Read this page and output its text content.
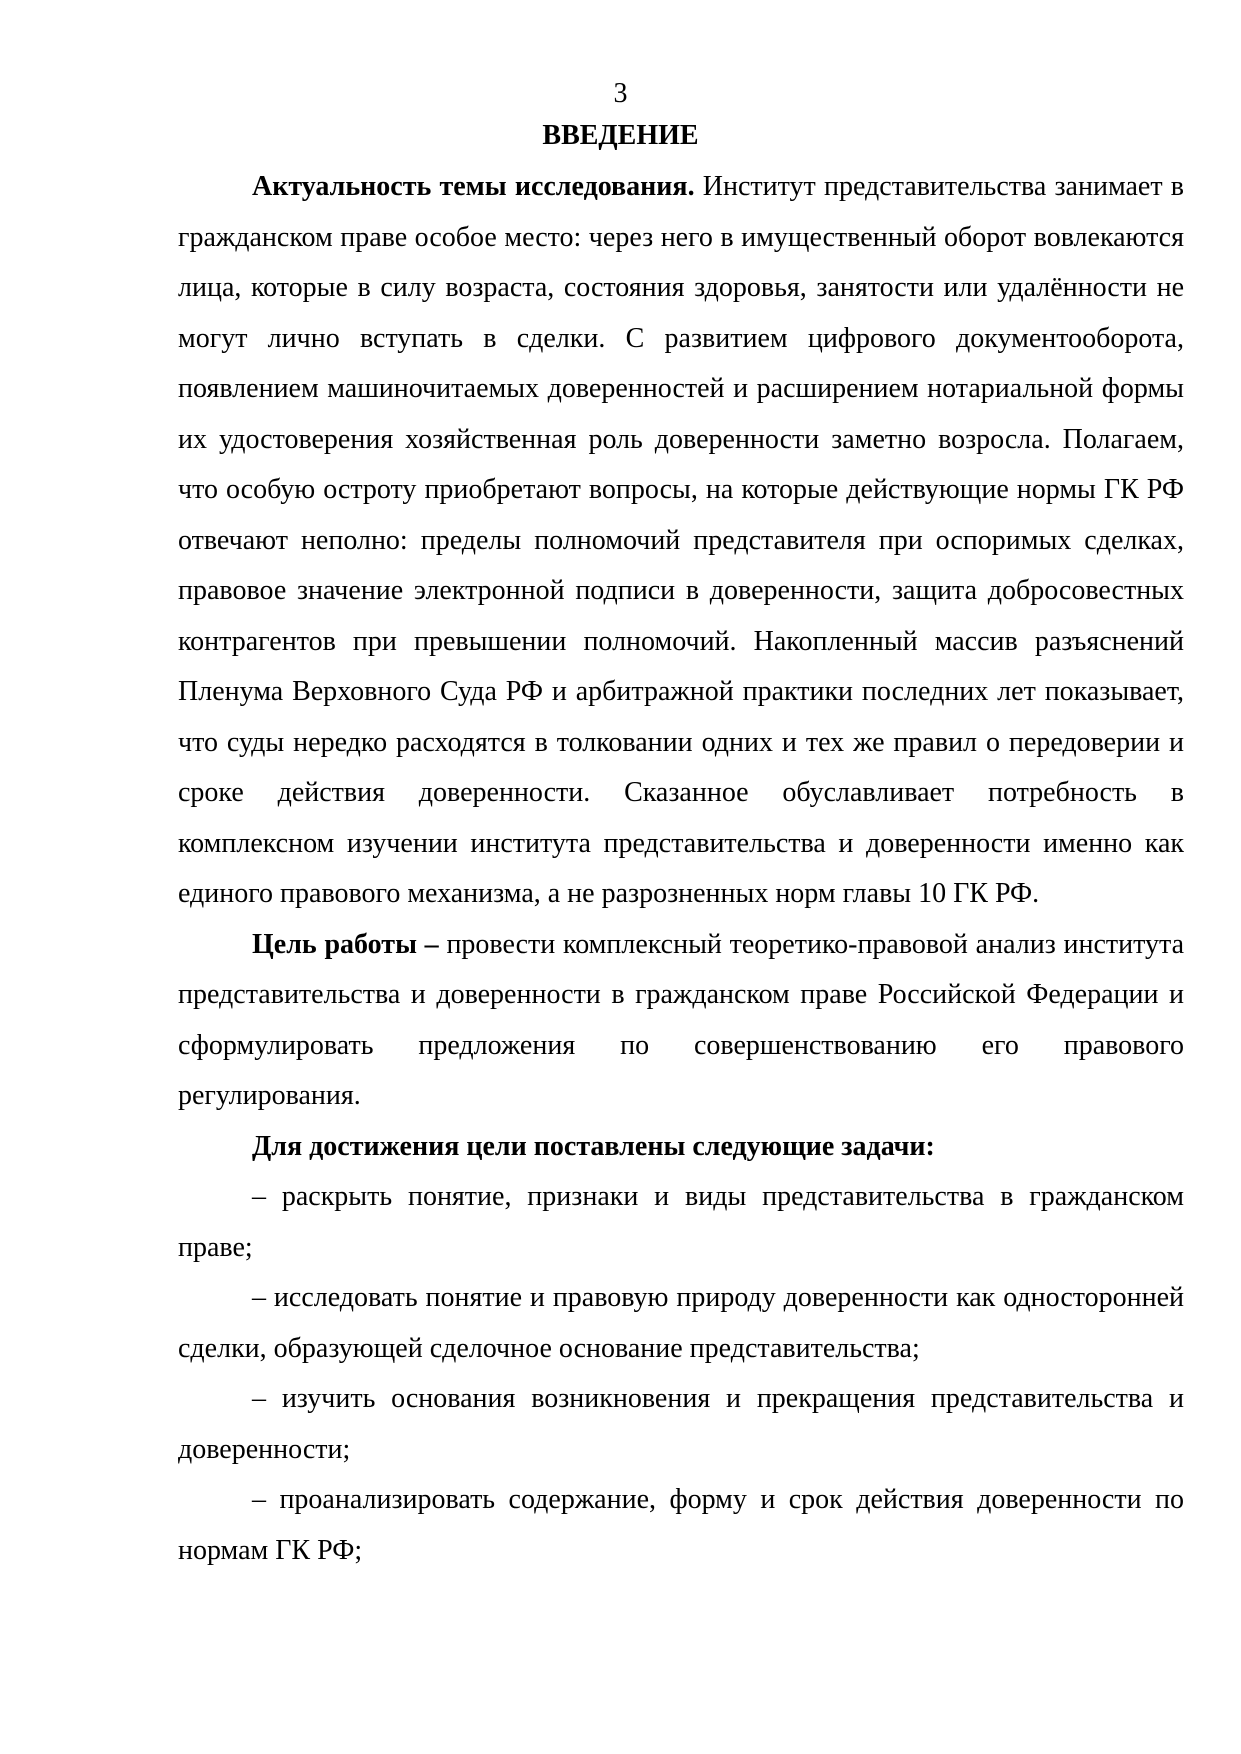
3
ВВЕДЕНИЕ

Актуальность темы исследования. Институт представительства занимает в гражданском праве особое место: через него в имущественный оборот вовлекаются лица, которые в силу возраста, состояния здоровья, занятости или удалённости не могут лично вступать в сделки. С развитием цифрового документооборота, появлением машиночитаемых доверенностей и расширением нотариальной формы их удостоверения хозяйственная роль доверенности заметно возросла. Полагаем, что особую остроту приобретают вопросы, на которые действующие нормы ГК РФ отвечают неполно: пределы полномочий представителя при оспоримых сделках, правовое значение электронной подписи в доверенности, защита добросовестных контрагентов при превышении полномочий. Накопленный массив разъяснений Пленума Верховного Суда РФ и арбитражной практики последних лет показывает, что суды нередко расходятся в толковании одних и тех же правил о передоверии и сроке действия доверенности. Сказанное обуславливает потребность в комплексном изучении института представительства и доверенности именно как единого правового механизма, а не разрозненных норм главы 10 ГК РФ.

Цель работы – провести комплексный теоретико-правовой анализ института представительства и доверенности в гражданском праве Российской Федерации и сформулировать предложения по совершенствованию его правового регулирования.

Для достижения цели поставлены следующие задачи:

– раскрыть понятие, признаки и виды представительства в гражданском праве;

– исследовать понятие и правовую природу доверенности как односторонней сделки, образующей сделочное основание представительства;

– изучить основания возникновения и прекращения представительства и доверенности;

– проанализировать содержание, форму и срок действия доверенности по нормам ГК РФ;
